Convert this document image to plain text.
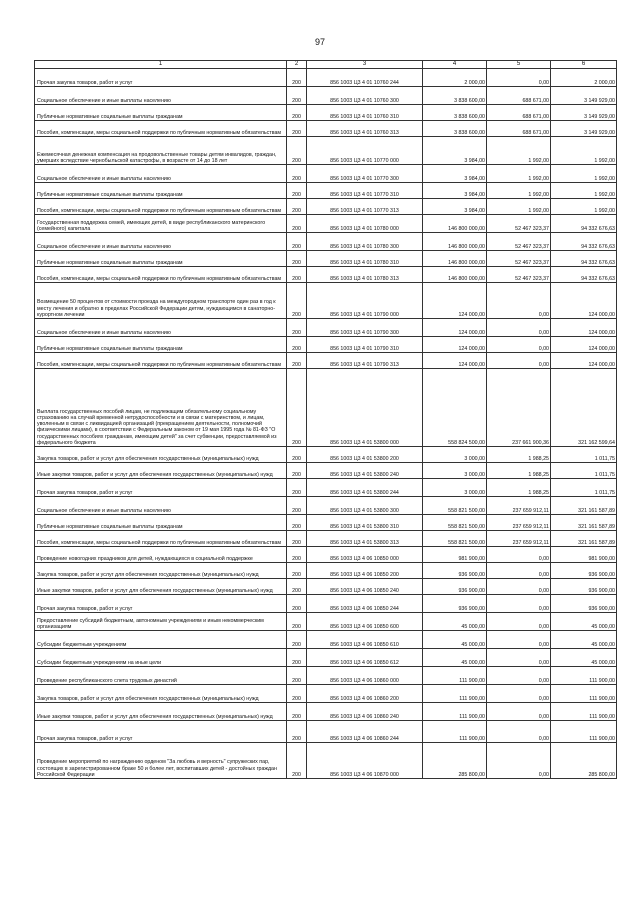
97
1	2	3	4	5	6
Прочая закупка товаров, работ и услуг	200	856 1003 Ц3 4 01 10760 244	2 000,00	0,00	2 000,00
Социальное обеспечение и иные выплаты населению	200	856 1003 Ц3 4 01 10760 300	3 838 600,00	688 671,00	3 149 929,00
Публичные нормативные социальные выплаты гражданам	200	856 1003 Ц3 4 01 10760 310	3 838 600,00	688 671,00	3 149 929,00
Пособия, компенсации, меры социальной поддержки по публичным нормативным обязательствам	200	856 1003 Ц3 4 01 10760 313	3 838 600,00	688 671,00	3 149 929,00
Ежемесячная денежная компенсация на продовольственные товары детям инвалидов, граждан, умерших вследствие чернобыльской катастрофы, в возрасте от 14 до 18 лет	200	856 1003 Ц3 4 01 10770 000	3 984,00	1 992,00	1 992,00
Социальное обеспечение и иные выплаты населению	200	856 1003 Ц3 4 01 10770 300	3 984,00	1 992,00	1 992,00
Публичные нормативные социальные выплаты гражданам	200	856 1003 Ц3 4 01 10770 310	3 984,00	1 992,00	1 992,00
Пособия, компенсации, меры социальной поддержки по публичным нормативным обязательствам	200	856 1003 Ц3 4 01 10770 313	3 984,00	1 992,00	1 992,00
Государственная поддержка семей, имеющих детей, в виде республиканского материнского (семейного) капитала	200	856 1003 Ц3 4 01 10780 000	146 800 000,00	52 467 323,37	94 332 676,63
Социальное обеспечение и иные выплаты населению	200	856 1003 Ц3 4 01 10780 300	146 800 000,00	52 467 323,37	94 332 676,63
Публичные нормативные социальные выплаты гражданам	200	856 1003 Ц3 4 01 10780 310	146 800 000,00	52 467 323,37	94 332 676,63
Пособия, компенсации, меры социальной поддержки по публичным нормативным обязательствам	200	856 1003 Ц3 4 01 10780 313	146 800 000,00	52 467 323,37	94 332 676,63
Возмещение 50 процентов от стоимости проезда на междугородном транспорте один раз в год к месту лечения и обратно в пределах Российской Федерации детям, нуждающимся в санаторно-курортном лечении	200	856 1003 Ц3 4 01 10790 000	124 000,00	0,00	124 000,00
Социальное обеспечение и иные выплаты населению	200	856 1003 Ц3 4 01 10790 300	124 000,00	0,00	124 000,00
Публичные нормативные социальные выплаты гражданам	200	856 1003 Ц3 4 01 10790 310	124 000,00	0,00	124 000,00
Пособия, компенсации, меры социальной поддержки по публичным нормативным обязательствам	200	856 1003 Ц3 4 01 10790 313	124 000,00	0,00	124 000,00
Выплата государственных пособий лицам, не подлежащим обязательному социальному страхованию на случай временной нетрудоспособности и в связи с материнством, и лицам, уволенным в связи с ликвидацией организаций (прекращением деятельности, полномочий физическими лицами), в соответствии с Федеральным законом от 19 мая 1995 года № 81-ФЗ "О государственных пособиях гражданам, имеющим детей" за счет субвенции, предоставляемой из федерального бюджета	200	856 1003 Ц3 4 01 53800 000	558 824 500,00	237 661 900,36	321 162 599,64
Закупка товаров, работ и услуг для обеспечения государственных (муниципальных) нужд	200	856 1003 Ц3 4 01 53800 200	3 000,00	1 988,25	1 011,75
Иные закупки товаров, работ и услуг для обеспечения государственных (муниципальных) нужд	200	856 1003 Ц3 4 01 53800 240	3 000,00	1 988,25	1 011,75
Прочая закупка товаров, работ и услуг	200	856 1003 Ц3 4 01 53800 244	3 000,00	1 988,25	1 011,75
Социальное обеспечение и иные выплаты населению	200	856 1003 Ц3 4 01 53800 300	558 821 500,00	237 659 912,11	321 161 587,89
Публичные нормативные социальные выплаты гражданам	200	856 1003 Ц3 4 01 53800 310	558 821 500,00	237 659 912,11	321 161 587,89
Пособия, компенсации, меры социальной поддержки по публичным нормативным обязательствам	200	856 1003 Ц3 4 01 53800 313	558 821 500,00	237 659 912,11	321 161 587,89
Проведение новогодних праздников для детей, нуждающихся в социальной поддержке	200	856 1003 Ц3 4 06 10850 000	981 900,00	0,00	981 900,00
Закупка товаров, работ и услуг для обеспечения государственных (муниципальных) нужд	200	856 1003 Ц3 4 06 10850 200	936 900,00	0,00	936 900,00
Иные закупки товаров, работ и услуг для обеспечения государственных (муниципальных) нужд	200	856 1003 Ц3 4 06 10850 240	936 900,00	0,00	936 900,00
Прочая закупка товаров, работ и услуг	200	856 1003 Ц3 4 06 10850 244	936 900,00	0,00	936 900,00
Предоставление субсидий бюджетным, автономным учреждениям и иным некоммерческим организациям	200	856 1003 Ц3 4 06 10850 600	45 000,00	0,00	45 000,00
Субсидии бюджетным учреждениям	200	856 1003 Ц3 4 06 10850 610	45 000,00	0,00	45 000,00
Субсидии бюджетным учреждениям на иные цели	200	856 1003 Ц3 4 06 10850 612	45 000,00	0,00	45 000,00
Проведение республиканского слета трудовых династий	200	856 1003 Ц3 4 06 10860 000	111 900,00	0,00	111 900,00
Закупка товаров, работ и услуг для обеспечения государственных (муниципальных) нужд	200	856 1003 Ц3 4 06 10860 200	111 900,00	0,00	111 900,00
Иные закупки товаров, работ и услуг для обеспечения государственных (муниципальных) нужд	200	856 1003 Ц3 4 06 10860 240	111 900,00	0,00	111 900,00
Прочая закупка товаров, работ и услуг	200	856 1003 Ц3 4 06 10860 244	111 900,00	0,00	111 900,00
Проведение мероприятий по награждению орденом "За любовь и верность" супружеских пар, состоящих в зарегистрированном браке 50 и более лет, воспитавших детей - достойных граждан Российской Федерации	200	856 1003 Ц3 4 06 10870 000	285 800,00	0,00	285 800,00
